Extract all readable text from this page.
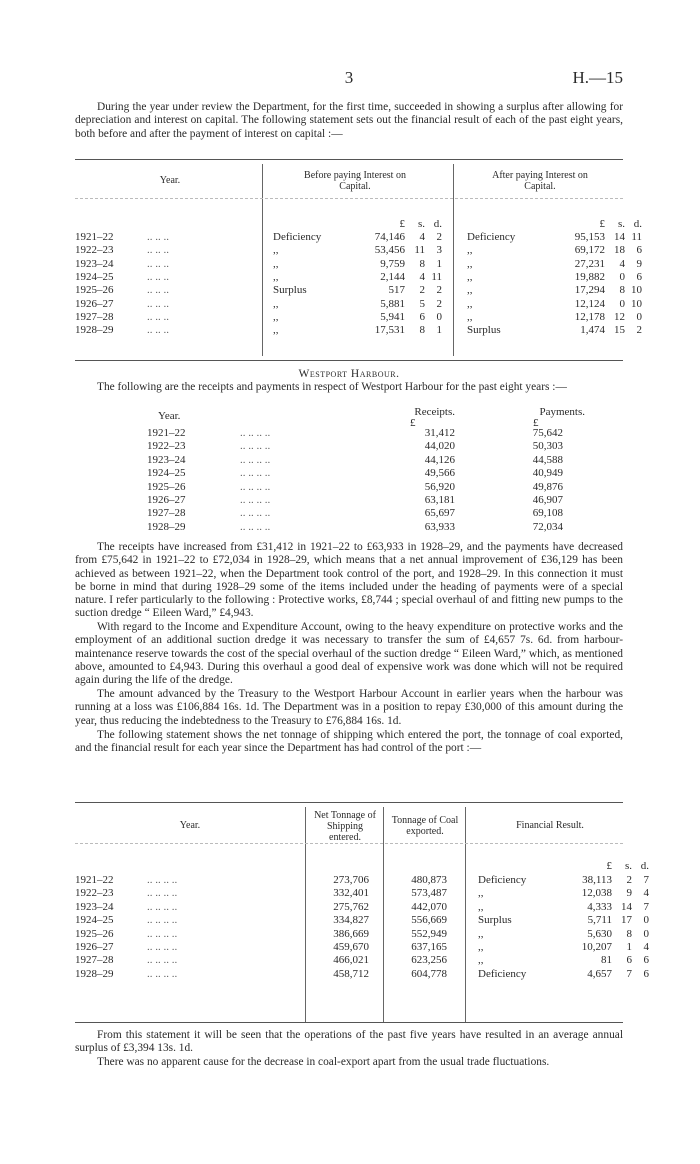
3	H.—15

During the year under review the Department, for the first time, succeeded in showing a surplus after allowing for depreciation and interest on capital. The following statement sets out the financial result of each of the past eight years, both before and after the payment of interest on capital :—

Year.	Before paying Interest on Capital.
After paying Interest on Capital.
£	s. d.	£	s. d.
1921–22	.. .. ..	Deficiency	74,146	4	2 Deficiency	95,153 14 11
1922–23	.. .. ..	,,	53,456 11	3 ,,	69,172 18	6
1923–24	.. .. ..	,,	9,759	8	1 ,,	27,231	4	9
1924–25	.. .. ..	,,	2,144	4 11 ,,	19,882	0	6
1925–26	.. .. ..	Surplus	517	2	2 ,,	17,294	8 10
1926–27	.. .. ..	,,	5,881	5	2 ,,	12,124	0 10
1927–28	.. .. ..	,,	5,941	6	0 ,,	12,178 12	0
1928–29	.. .. ..	,,	17,531	8	1 Surplus	1,474 15	2
Westport Harbour.

The following are the receipts and payments in respect of Westport Harbour for the past eight years :—

Year.	Receipts.	Payments.
£	£
1921–22	.. .. .. ..	31,412	75,642
1922–23	.. .. .. ..	44,020	50,303
1923–24	.. .. .. ..	44,126	44,588
1924–25	.. .. .. ..	49,566	40,949
1925–26	.. .. .. ..	56,920	49,876
1926–27	.. .. .. ..	63,181	46,907
1927–28	.. .. .. ..	65,697	69,108
1928–29	.. .. .. ..	63,933	72,034

The receipts have increased from £31,412 in 1921–22 to £63,933 in 1928–29, and the payments have decreased from £75,642 in 1921–22 to £72,034 in 1928–29, which means that a net annual improvement of £36,129 has been achieved as between 1921–22, when the Department took control of the port, and 1928–29. In this connection it must be borne in mind that during 1928–29 some of the items included under the heading of payments were of a special nature. I refer particularly to the following : Protective works, £8,744 ; special overhaul of and fitting new pumps to the suction dredge “ Eileen Ward,” £4,943.

With regard to the Income and Expenditure Account, owing to the heavy expenditure on protective works and the employment of an additional suction dredge it was necessary to transfer the sum of £4,657 7s. 6d. from harbour-maintenance reserve towards the cost of the special overhaul of the suction dredge “ Eileen Ward,” which, as mentioned above, amounted to £4,943. During this overhaul a good deal of expensive work was done which will not be required again during the life of the dredge.

The amount advanced by the Treasury to the Westport Harbour Account in earlier years when the harbour was running at a loss was £106,884 16s. 1d. The Department was in a position to repay £30,000 of this amount during the year, thus reducing the indebtedness to the Treasury to £76,884 16s. 1d.

The following statement shows the net tonnage of shipping which entered the port, the tonnage of coal exported, and the financial result for each year since the Department has had control of the port :—

Year.
Net Tonnage of Shipping entered.
Tonnage of Coal exported.
Financial Result.
£	s. d.
1921–22	.. .. .. ..	273,706	480,873	Deficiency	38,113	2	7
1922–23	.. .. .. ..	332,401	573,487	,,	12,038	9	4
1923–24	.. .. .. ..	275,762	442,070	,,	4,333 14	7
1924–25	.. .. .. ..	334,827	556,669	Surplus	5,711 17	0
1925–26	.. .. .. ..	386,669	552,949	,,	5,630	8	0
1926–27	.. .. .. ..	459,670	637,165	,,	10,207	1	4
1927–28	.. .. .. ..	466,021	623,256	,,	81	6	6
1928–29	.. .. .. ..	458,712	604,778	Deficiency	4,657	7	6

From this statement it will be seen that the operations of the past five years have resulted in an average annual surplus of £3,394 13s. 1d.

There was no apparent cause for the decrease in coal-export apart from the usual trade fluctuations.
